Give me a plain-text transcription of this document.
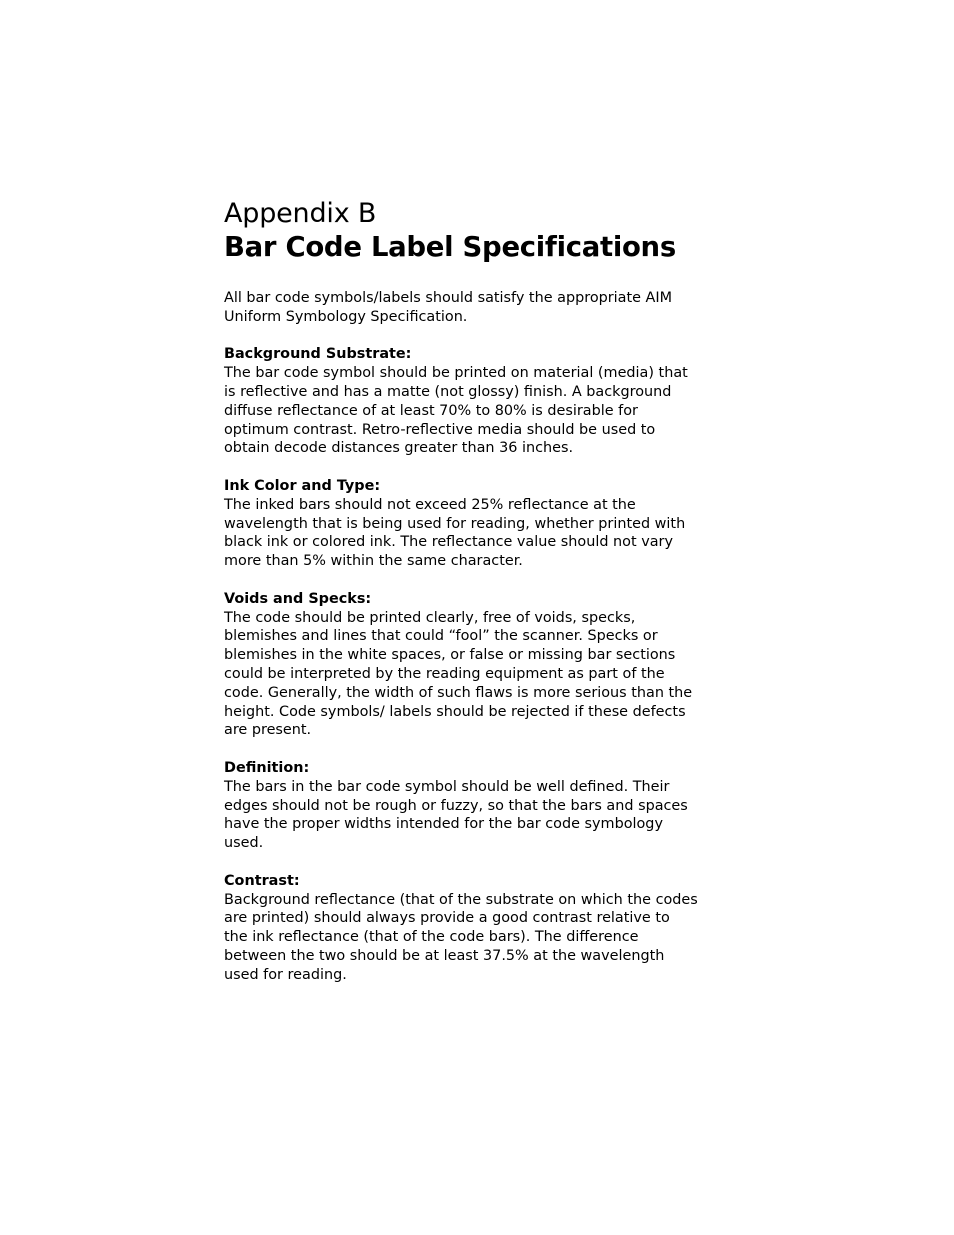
Appendix B
Bar Code Label Specifications

All bar code symbols/labels should satisfy the appropriate AIM
Uniform Symbology Specification.

Background Substrate:

The bar code symbol should be printed on material (media) that
is reflective and has a matte (not glossy) finish. A background
diffuse reflectance of at least 70% to 80% is desirable for
optimum contrast. Retro-reflective media should be used to
obtain decode distances greater than 36 inches.

Ink Color and Type:

The inked bars should not exceed 25% reflectance at the
wavelength that is being used for reading, whether printed with
black ink or colored ink. The reflectance value should not vary
more than 5% within the same character.

Voids and Specks:

The code should be printed clearly, free of voids, specks,
blemishes and lines that could “fool” the scanner. Specks or
blemishes in the white spaces, or false or missing bar sections
could be interpreted by the reading equipment as part of the
code. Generally, the width of such flaws is more serious than the
height. Code symbols/ labels should be rejected if these defects
are present.

Definition:

The bars in the bar code symbol should be well defined. Their
edges should not be rough or fuzzy, so that the bars and spaces
have the proper widths intended for the bar code symbology
used.

Contrast:

Background reflectance (that of the substrate on which the codes
are printed) should always provide a good contrast relative to
the ink reflectance (that of the code bars). The difference
between the two should be at least 37.5% at the wavelength
used for reading.
